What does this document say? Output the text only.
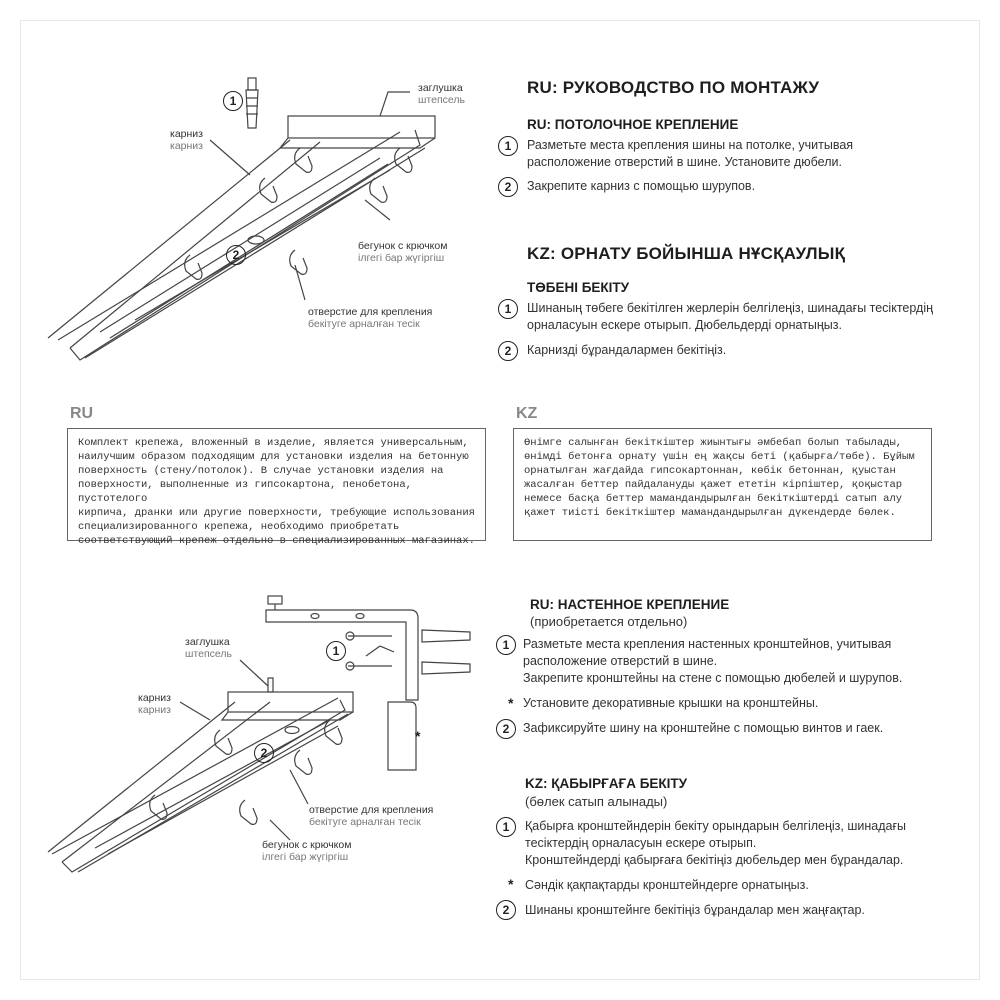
1
2
заглушка
штепсель
карниз
карниз
бегунок с крючком
ілгегі бар жүгіргіш
отверстие для крепления
бекітуге арналған тесік
RU: РУКОВОДСТВО ПО МОНТАЖУ
RU: ПОТОЛОЧНОЕ КРЕПЛЕНИЕ
1	Разметьте места крепления шины на потолке, учитывая расположение отверстий в шине. Установите дюбели.
2	Закрепите карниз с помощью шурупов.
KZ: ОРНАТУ БОЙЫНША НҰСҚАУЛЫҚ
ТӨБЕНІ БЕКІТУ
1	Шинаның төбеге бекітілген жерлерін белгілеңіз, шинадағы тесіктердің орналасуын ескере отырып. Дюбельдерді орнатыңыз.
2	Карнизді бұрандалармен бекітіңіз.
RU
Комплект крепежа, вложенный в изделие, является универсальным,
наилучшим образом подходящим для установки изделия на бетонную
поверхность (стену/потолок). В случае установки изделия на
поверхности, выполненные из гипсокартона, пенобетона, пустотелого
кирпича, дранки или другие поверхности, требующие использования
специализированного крепежа, необходимо приобретать
соответствующий крепеж отдельно в специализированных магазинах.
KZ
Өнімге салынған бекіткіштер жиынтығы әмбебап болып табылады,
өнімді бетонға орнату үшін ең жақсы беті (қабырға/төбе). Бұйым
орнатылған жағдайда гипсокартоннан, көбік бетоннан, қуыстан
жасалған беттер пайдалануды қажет ететін кірпіштер, қоқыстар
немесе басқа беттер мамандандырылған бекіткіштерді сатып алу
қажет тиісті бекіткіштер мамандандырылған дүкендерде бөлек.
1
2
*
заглушка
штепсель
карниз
карниз
отверстие для крепления
бекітуге арналған тесік
бегунок с крючком
ілгегі бар жүгіргіш
RU: НАСТЕННОЕ КРЕПЛЕНИЕ
(приобретается отдельно)
1	Разметьте места крепления настенных кронштейнов, учитывая расположение отверстий в шине.
Закрепите кронштейны на стене с помощью дюбелей и шурупов.
* Установите декоративные крышки на кронштейны.
2	Зафиксируйте шину на кронштейне с помощью винтов и гаек.
KZ: ҚАБЫРҒАҒА БЕКІТУ
(бөлек сатып алынады)
1	Қабырға кронштейндерін бекіту орындарын белгілеңіз, шинадағы тесіктердің орналасуын ескере отырып.
Кронштейндерді қабырғаға бекітіңіз дюбельдер мен бұрандалар.
* Сәндік қақпақтарды кронштейндерге орнатыңыз.
2	Шинаны кронштейнге бекітіңіз бұрандалар мен жаңғақтар.
